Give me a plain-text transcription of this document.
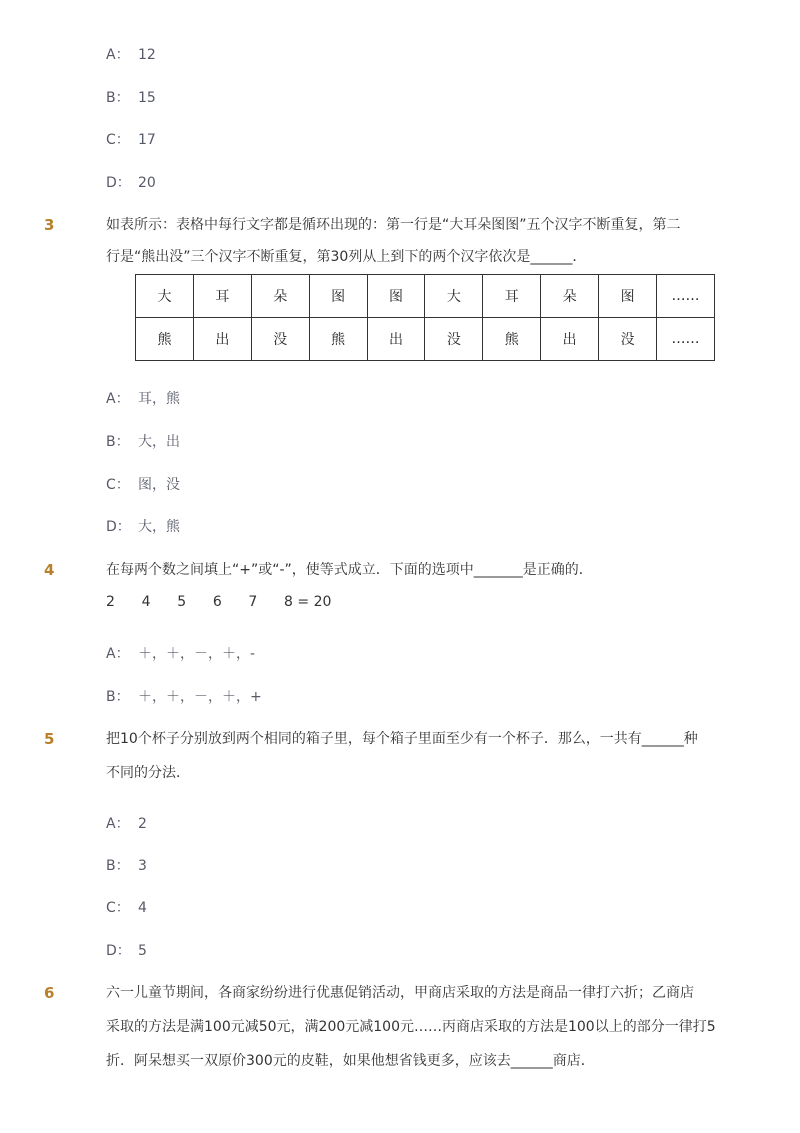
A： 12
B： 15
C： 17
D： 20
3	如表所示：表格中每行文字都是循环出现的：第一行是“大耳朵图图”五个汉字不断重复，第二
行是“熊出没”三个汉字不断重复，第30列从上到下的两个汉字依次是______．
大	耳	朵	图	图	大	耳	朵	图	……
熊	出	没	熊	出	没	熊	出	没	……
A： 耳，熊
B： 大，出
C： 图，没
D： 大，熊
4	在每两个数之间填上“+”或“-”，使等式成立．下面的选项中_______是正确的．
2      4      5      6      7      8 = 20
A： ＋，＋，－，＋，-
B： ＋，＋，－，＋，+
5	把10个杯子分别放到两个相同的箱子里，每个箱子里面至少有一个杯子．那么，一共有______种
不同的分法．
A： 2
B： 3
C： 4
D： 5
6	六一儿童节期间，各商家纷纷进行优惠促销活动，甲商店采取的方法是商品一律打六折；乙商店
采取的方法是满100元减50元，满200元减100元……丙商店采取的方法是100以上的部分一律打5
折．阿呆想买一双原价300元的皮鞋，如果他想省钱更多，应该去______商店．
